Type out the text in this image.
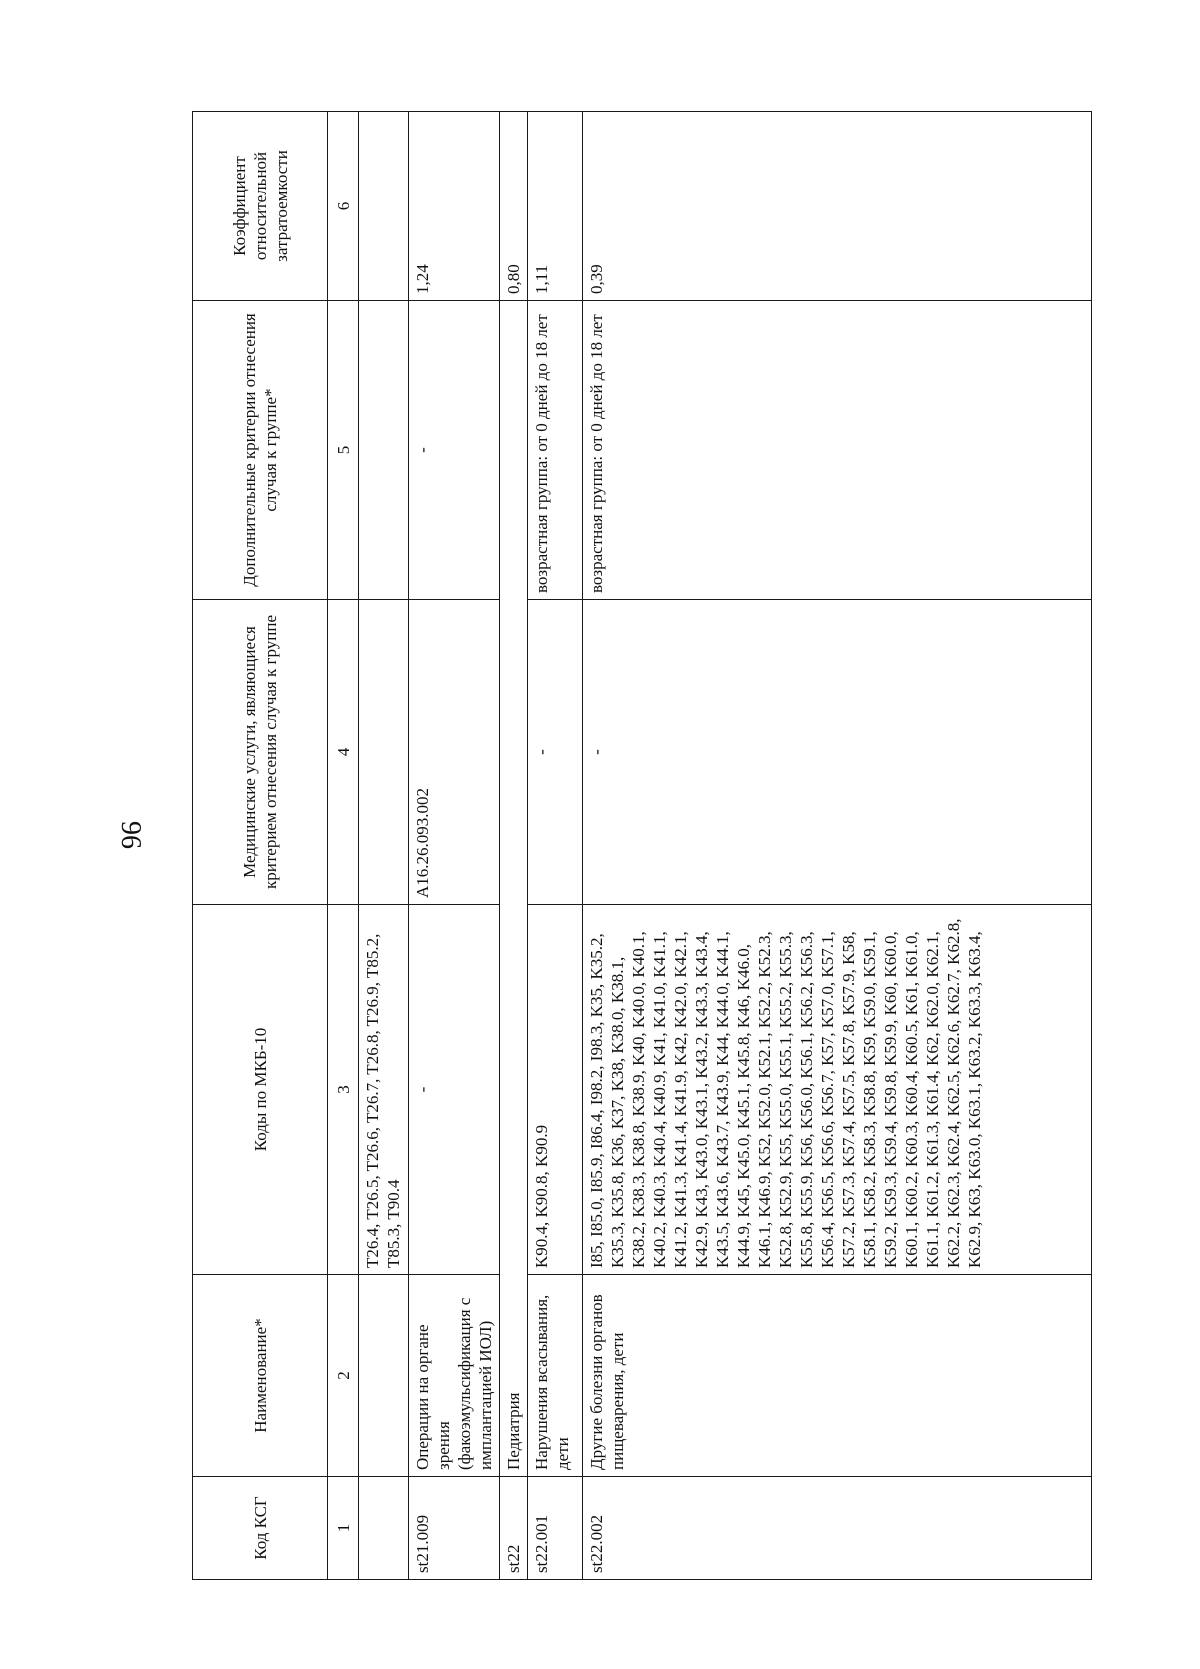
96
Код КСГ	Наименование*	Коды по МКБ-10	Медицинские услуги, являющиеся критерием отнесения случая к группе	Дополнительные критерии отнесения случая к группе*	Коэффициент относительной затратоемкости
1	2	3	4	5	6
		T26.4, T26.5, T26.6, T26.7, T26.8, T26.9, T85.2, T85.3, T90.4			
st21.009	Операции на органе зрения (факоэмульсификация с имплантацией ИОЛ)	-	A16.26.093.002	-	1,24
st22	Педиатрия				0,80
st22.001	Нарушения всасывания, дети	K90.4, K90.8, K90.9	-	возрастная группа: от 0 дней до 18 лет	1,11
st22.002	Другие болезни органов пищеварения, дети	I85, I85.0, I85.9, I86.4, I98.2, I98.3, K35, K35.2, K35.3, K35.8, K36, K37, K38, K38.0, K38.1, K38.2, K38.3, K38.8, K38.9, K40, K40.0, K40.1, K40.2, K40.3, K40.4, K40.9, K41, K41.0, K41.1, K41.2, K41.3, K41.4, K41.9, K42, K42.0, K42.1, K42.9, K43, K43.0, K43.1, K43.2, K43.3, K43.4, K43.5, K43.6, K43.7, K43.9, K44, K44.0, K44.1, K44.9, K45, K45.0, K45.1, K45.8, K46, K46.0, K46.1, K46.9, K52, K52.0, K52.1, K52.2, K52.3, K52.8, K52.9, K55, K55.0, K55.1, K55.2, K55.3, K55.8, K55.9, K56, K56.0, K56.1, K56.2, K56.3, K56.4, K56.5, K56.6, K56.7, K57, K57.0, K57.1, K57.2, K57.3, K57.4, K57.5, K57.8, K57.9, K58, K58.1, K58.2, K58.3, K58.8, K59, K59.0, K59.1, K59.2, K59.3, K59.4, K59.8, K59.9, K60, K60.0, K60.1, K60.2, K60.3, K60.4, K60.5, K61, K61.0, K61.1, K61.2, K61.3, K61.4, K62, K62.0, K62.1, K62.2, K62.3, K62.4, K62.5, K62.6, K62.7, K62.8, K62.9, K63, K63.0, K63.1, K63.2, K63.3, K63.4,	-	возрастная группа: от 0 дней до 18 лет	0,39
